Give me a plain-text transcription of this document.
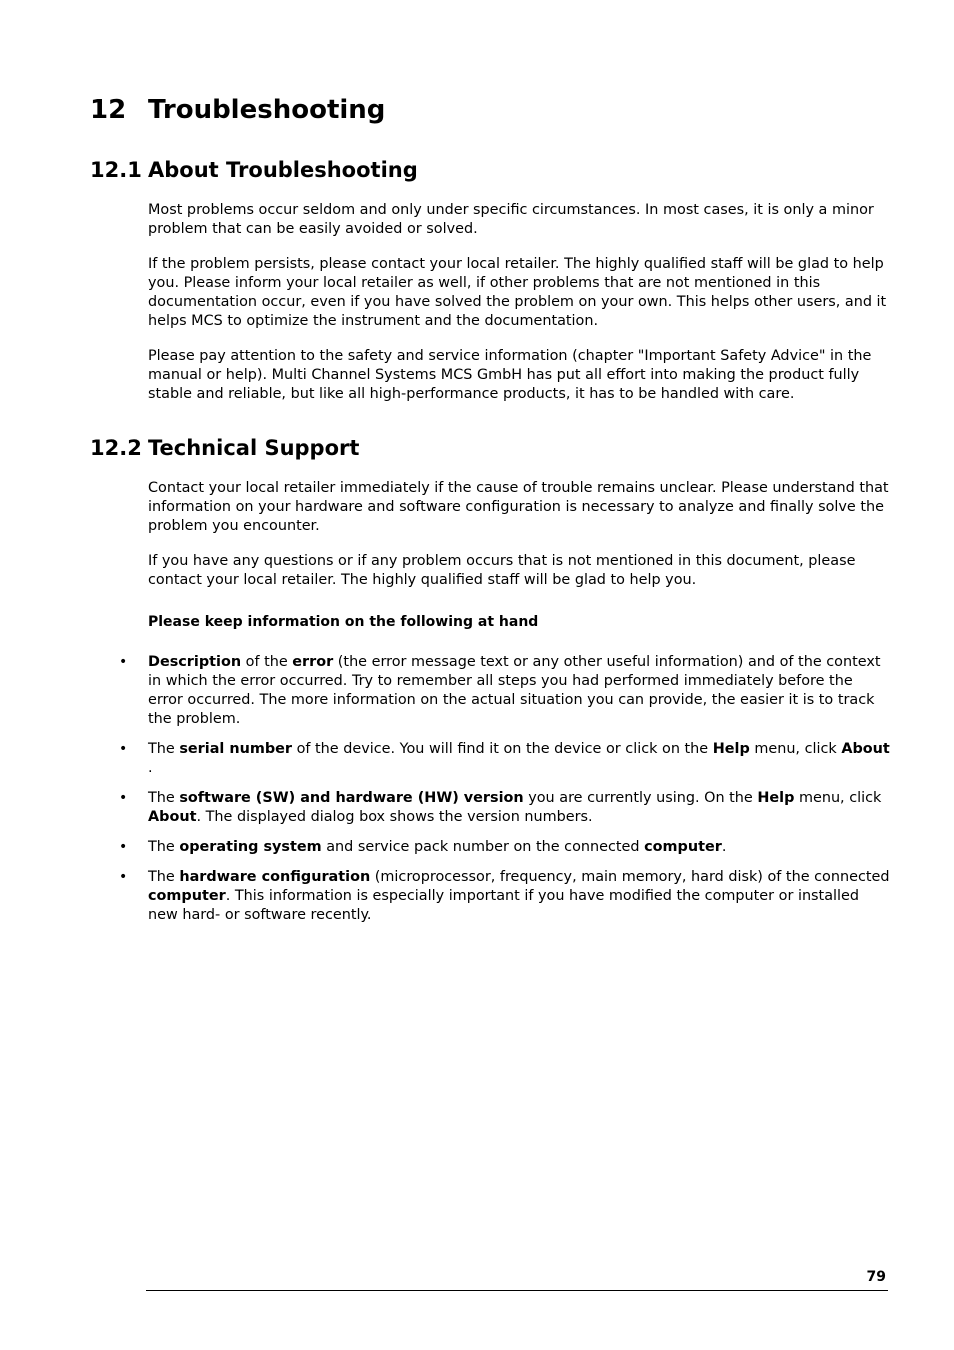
12 Troubleshooting
12.1 About Troubleshooting

Most problems occur seldom and only under specific circumstances. In most cases, it is only a minor problem that can be easily avoided or solved.

If the problem persists, please contact your local retailer. The highly qualified staff will be glad to help you. Please inform your local retailer as well, if other problems that are not mentioned in this documentation occur, even if you have solved the problem on your own. This helps other users, and it helps MCS to optimize the instrument and the documentation.

Please pay attention to the safety and service information (chapter "Important Safety Advice" in the manual or help). Multi Channel Systems MCS GmbH has put all effort into making the product fully stable and reliable, but like all high-performance products, it has to be handled with care.

12.2 Technical Support

Contact your local retailer immediately if the cause of trouble remains unclear. Please understand that information on your hardware and software configuration is necessary to analyze and finally solve the problem you encounter.

If you have any questions or if any problem occurs that is not mentioned in this document, please contact your local retailer. The highly qualified staff will be glad to help you.

Please keep information on the following at hand

• Description of the error (the error message text or any other useful information) and of the context in which the error occurred. Try to remember all steps you had performed immediately before the error occurred. The more information on the actual situation you can provide, the easier it is to track the problem.
• The serial number of the device. You will find it on the device or click on the Help menu, click About .
• The software (SW) and hardware (HW) version you are currently using. On the Help menu, click About. The displayed dialog box shows the version numbers.
• The operating system and service pack number on the connected computer.
• The hardware configuration (microprocessor, frequency, main memory, hard disk) of the connected computer. This information is especially important if you have modified the computer or installed new hard- or software recently.
79
